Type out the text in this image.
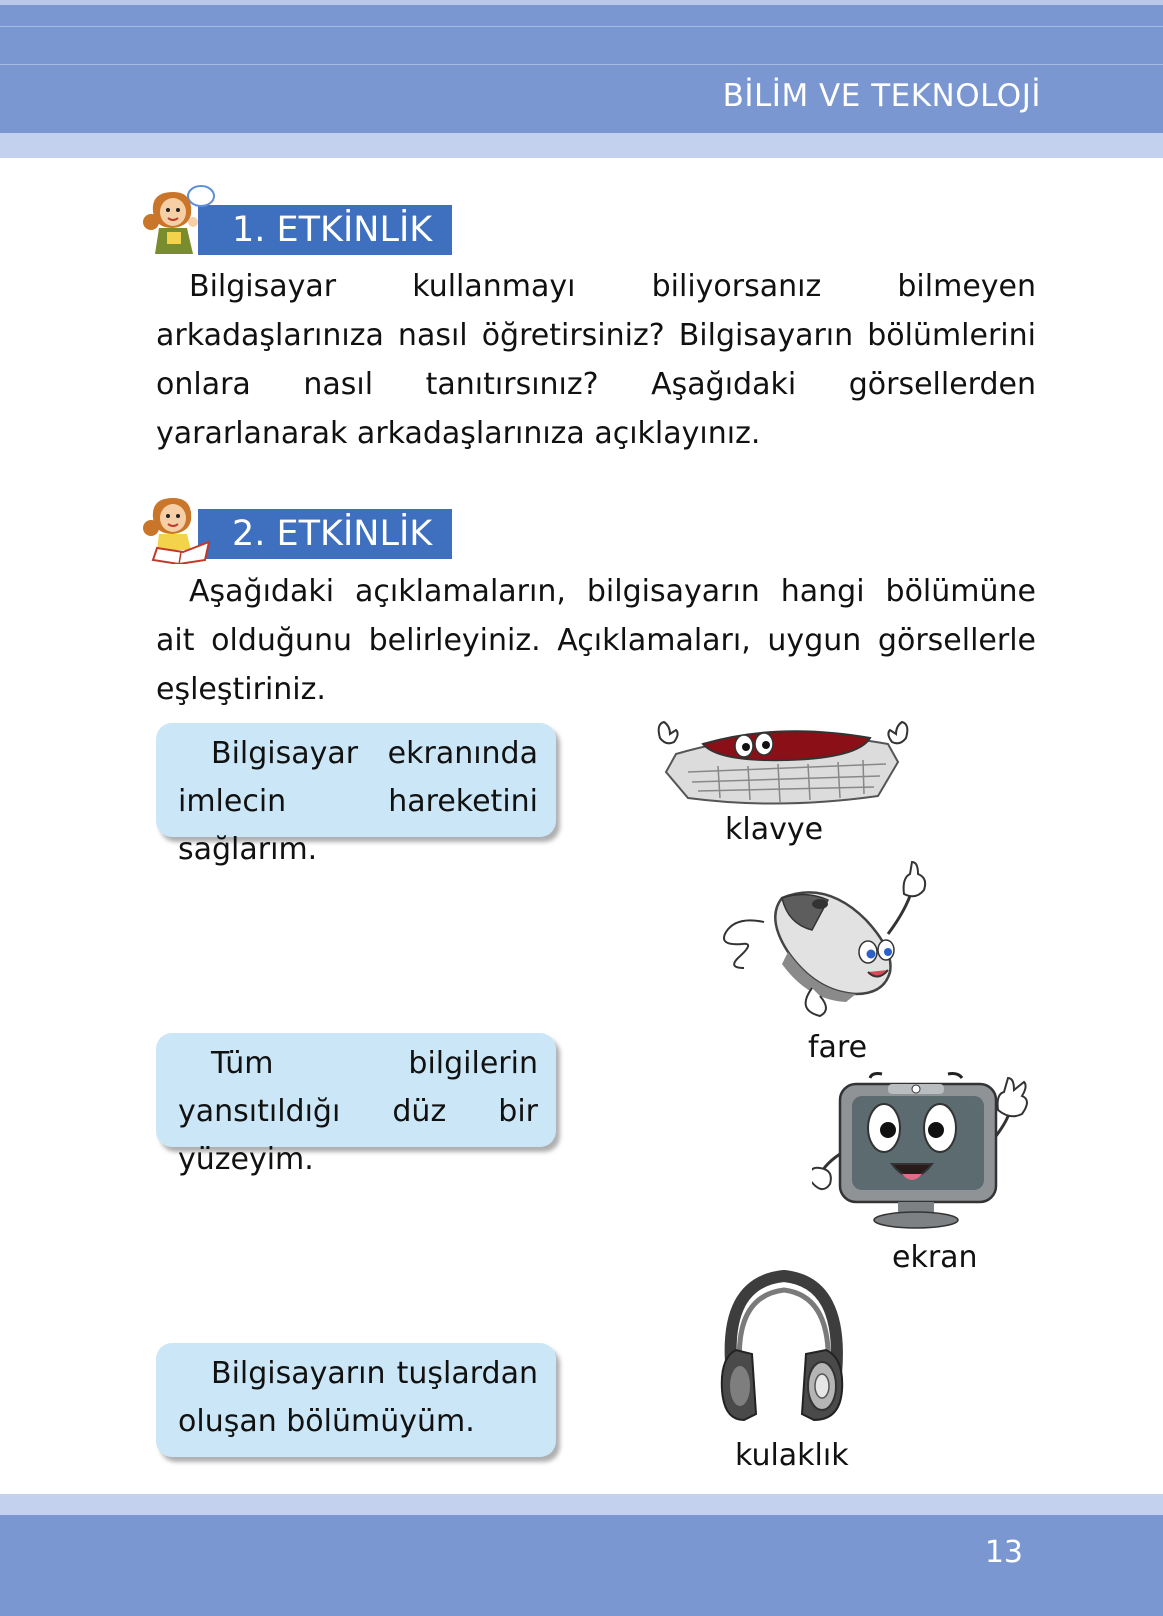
BİLİM VE TEKNOLOJİ
1. ETKİNLİK
Bilgisayar kullanmayı biliyorsanız bilmeyen arkadaşlarınıza nasıl öğretirsiniz? Bilgisayarın bölümlerini onlara nasıl tanıtırsınız? Aşağıdaki görsellerden yararlanarak arkadaşlarınıza açıklayınız.
2. ETKİNLİK
Aşağıdaki açıklamaların, bilgisayarın hangi bölümüne ait olduğunu belirleyiniz. Açıklamaları, uygun görsellerle eşleştiriniz.
Bilgisayar ekranında imlecin hareketini sağlarım.
Tüm bilgilerin yansıtıldığı düz bir yüzeyim.
Bilgisayarın tuşlardan oluşan bölümüyüm.
klavye
fare
ekran
kulaklık
13
